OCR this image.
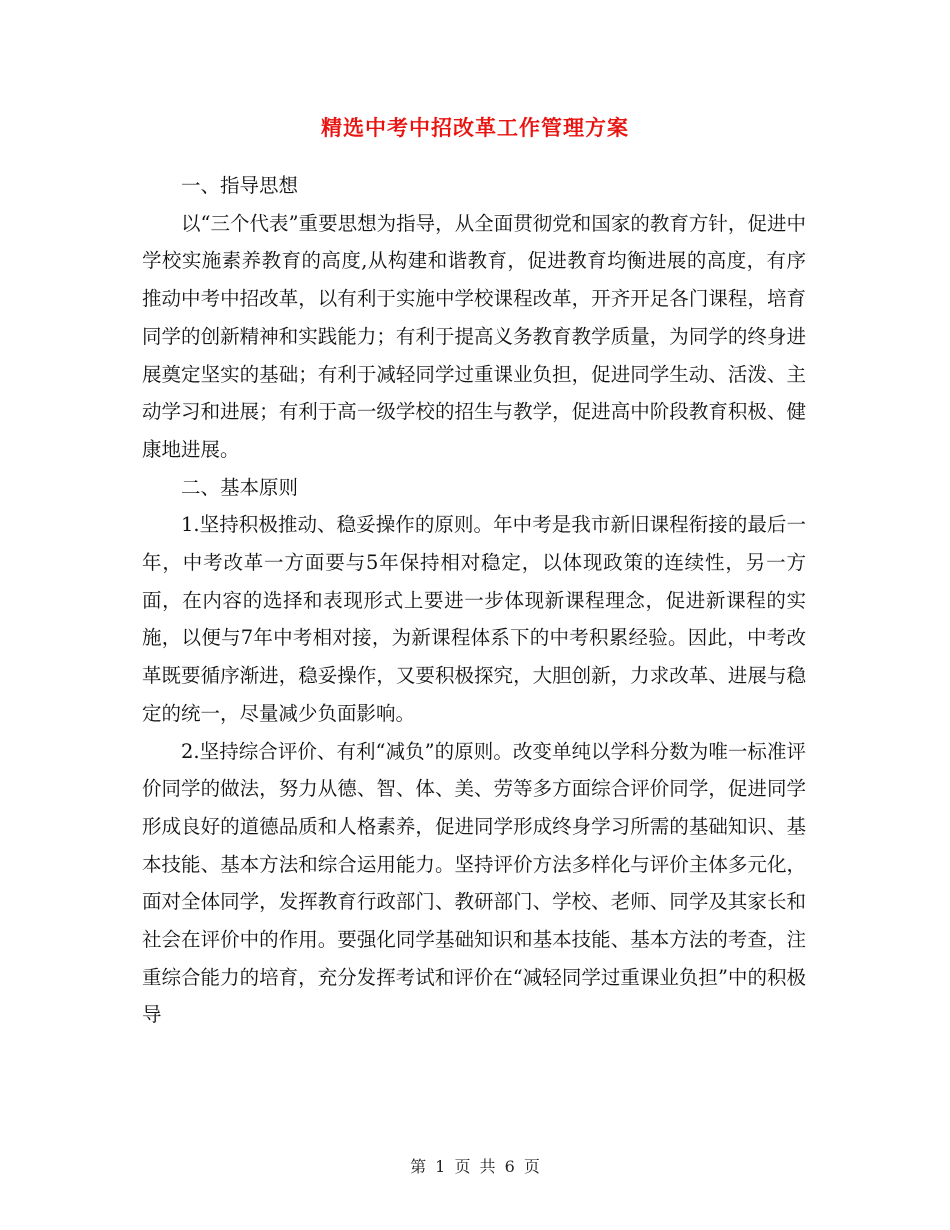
精选中考中招改革工作管理方案

一、指导思想

以“三个代表”重要思想为指导，从全面贯彻党和国家的教育方针，促进中学校实施素养教育的高度,从构建和谐教育，促进教育均衡进展的高度，有序推动中考中招改革，以有利于实施中学校课程改革，开齐开足各门课程，培育同学的创新精神和实践能力；有利于提高义务教育教学质量，为同学的终身进展奠定坚实的基础；有利于减轻同学过重课业负担，促进同学生动、活泼、主动学习和进展；有利于高一级学校的招生与教学，促进高中阶段教育积极、健康地进展。

二、基本原则

1.坚持积极推动、稳妥操作的原则。年中考是我市新旧课程衔接的最后一年，中考改革一方面要与5年保持相对稳定，以体现政策的连续性，另一方面，在内容的选择和表现形式上要进一步体现新课程理念，促进新课程的实施，以便与7年中考相对接，为新课程体系下的中考积累经验。因此，中考改革既要循序渐进，稳妥操作，又要积极探究，大胆创新，力求改革、进展与稳定的统一，尽量减少负面影响。

2.坚持综合评价、有利“减负”的原则。改变单纯以学科分数为唯一标准评价同学的做法，努力从德、智、体、美、劳等多方面综合评价同学，促进同学形成良好的道德品质和人格素养，促进同学形成终身学习所需的基础知识、基本技能、基本方法和综合运用能力。坚持评价方法多样化与评价主体多元化，面对全体同学，发挥教育行政部门、教研部门、学校、老师、同学及其家长和社会在评价中的作用。要强化同学基础知识和基本技能、基本方法的考查，注重综合能力的培育，充分发挥考试和评价在“减轻同学过重课业负担”中的积极导

第 1 页 共 6 页
